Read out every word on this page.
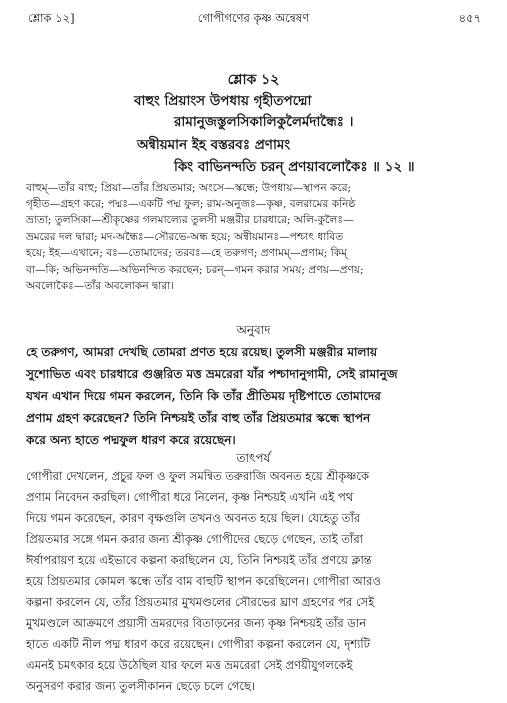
শ্লোক ১২]	গোপীগণের কৃষ্ণ অন্বেষণ	৪৫৭
শ্লোক ১২
বাহুং প্রিয়াংস উপধায় গৃহীতপদ্মো
রামানুজস্তুলসিকালিকুলৈর্মদান্ধৈঃ ।
অন্বীয়মান ইহ বস্তরবঃ প্রণামং
কিং বাভিনন্দতি চরন্ প্রণয়াবলোকৈঃ ॥ ১২ ॥
বাহুম্—তাঁর বাহু; প্রিয়া—তাঁর প্রিয়তমার; অংসে—স্কন্ধে; উপধায়—স্থাপন করে;
গৃহীত—গ্রহণ করে; পদ্মঃ—একটি পদ্ম ফুল; রাম-অনুজঃ—কৃষ্ণ, বলরামের কনিষ্ঠ
ভ্রাতা; তুলসিকা—শ্রীকৃষ্ণের গলমাল্যের তুলসী মঞ্জরীর চারধারে; অলি-কুলৈঃ—
ভ্রমরের দল দ্বারা; মদ-অন্ধৈঃ—সৌরভে-অন্ধ হয়ে; অন্বীয়মানঃ—পশ্চাৎ ধাবিত
হয়ে; ইহ—এখানে; বঃ—তোমাদের; তরবঃ—হে তরুগণ; প্রণামম্—প্রণাম; কিম্
বা—কি; অভিনন্দতি—অভিনন্দিত করছেন; চরন্—গমন করার সময়; প্রণয়—প্রণয়;
অবলোকৈঃ—তাঁর অবলোকন দ্বারা।
অনুবাদ
হে তরুগণ, আমরা দেখছি তোমরা প্রণত হয়ে রয়েছ। তুলসী মঞ্জরীর মালায়
সুশোভিত এবং চারধারে গুঞ্জরিত মত্ত ভ্রমরেরা যাঁর পশ্চাদানুগামী, সেই রামানুজ
যখন এখান দিয়ে গমন করলেন, তিনি কি তাঁর প্রীতিময় দৃষ্টিপাতে তোমাদের
প্রণাম গ্রহণ করেছেন? তিনি নিশ্চয়ই তাঁর বাহু তাঁর প্রিয়তমার স্কন্ধে স্থাপন
করে অন্য হাতে পদ্মফুল ধারণ করে রয়েছেন।
তাৎপর্য
গোপীরা দেখলেন, প্রচুর ফল ও ফুল সমন্বিত তরুরাজি অবনত হয়ে শ্রীকৃষ্ণকে
প্রণাম নিবেদন করছিল। গোপীরা ধরে নিলেন, কৃষ্ণ নিশ্চয়ই এখনি এই পথ
দিয়ে গমন করেছেন, কারণ বৃক্ষগুলি তখনও অবনত হয়ে ছিল। যেহেতু তাঁর
প্রিয়তমার সঙ্গে গমন করার জন্য শ্রীকৃষ্ণ গোপীদের ছেড়ে গেছেন, তাই তাঁরা
ঈর্ষাপরায়ণ হয়ে এইভাবে কল্পনা করছিলেন যে, তিনি নিশ্চয়ই তাঁর প্রণয়ে ক্লান্ত
হয়ে প্রিয়তমার কোমল স্কন্ধে তাঁর বাম বাহুটি স্থাপন করেছিলেন। গোপীরা আরও
কল্পনা করলেন যে, তাঁর প্রিয়তমার মুখমণ্ডলের সৌরভের ঘ্রাণ গ্রহণের পর সেই
মুখমণ্ডলে আক্রমণে প্রয়াসী ভ্রমরদের বিতাড়নের জন্য কৃষ্ণ নিশ্চয়ই তাঁর ডান
হাতে একটি নীল পদ্ম ধারণ করে রয়েছেন। গোপীরা কল্পনা করলেন যে, দৃশ্যটি
এমনই চমৎকার হয়ে উঠেছিল যার ফলে মত্ত ভ্রমরেরা সেই প্রণয়ীযুগলকেই
অনুসরণ করার জন্য তুলসীকানন ছেড়ে চলে গেছে।
